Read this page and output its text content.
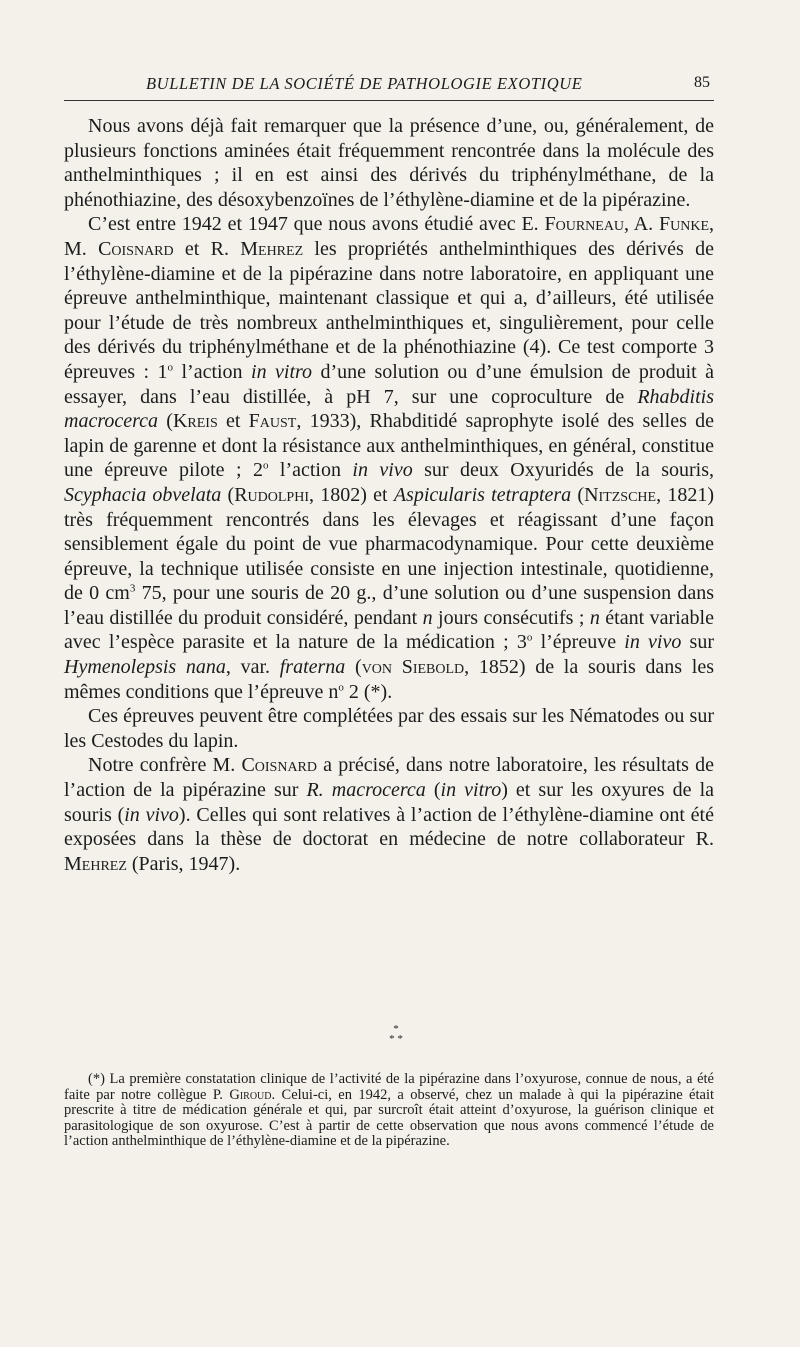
BULLETIN DE LA SOCIÉTÉ DE PATHOLOGIE EXOTIQUE	85

Nous avons déjà fait remarquer que la présence d’une, ou, généralement, de plusieurs fonctions aminées était fréquemment rencontrée dans la molécule des anthelminthiques ; il en est ainsi des dérivés du triphénylméthane, de la phénothiazine, des désoxybenzoïnes de l’éthylène-diamine et de la pipérazine.

C’est entre 1942 et 1947 que nous avons étudié avec E. Fourneau, A. Funke, M. Coisnard et R. Mehrez les propriétés anthelminthiques des dérivés de l’éthylène-diamine et de la pipérazine dans notre laboratoire, en appliquant une épreuve anthelminthique, maintenant classique et qui a, d’ailleurs, été utilisée pour l’étude de très nombreux anthelminthiques et, singulièrement, pour celle des dérivés du triphénylméthane et de la phénothiazine (4). Ce test comporte 3 épreuves : 1$^o$ l’action in vitro d’une solution ou d’une émulsion de produit à essayer, dans l’eau distillée, à pH 7, sur une coproculture de Rhabditis macrocerca (Kreis et Faust, 1933), Rhabditidé saprophyte isolé des selles de lapin de garenne et dont la résistance aux anthelminthiques, en général, constitue une épreuve pilote ; 2$^o$ l’action in vivo sur deux Oxyuridés de la souris, Scyphacia obvelata (Rudolphi, 1802) et Aspicularis tetraptera (Nitzsche, 1821) très fréquemment rencontrés dans les élevages et réagissant d’une façon sensiblement égale du point de vue pharmacodynamique. Pour cette deuxième épreuve, la technique utilisée consiste en une injection intestinale, quotidienne, de 0 $cm^3$ 75, pour une souris de 20 g., d’une solution ou d’une suspension dans l’eau distillée du produit considéré, pendant n jours consécutifs ; n étant variable avec l’espèce parasite et la nature de la médication ; 3$^o$ l’épreuve in vivo sur Hymenolepsis nana, var. fraterna (von Siebold, 1852) de la souris dans les mêmes conditions que l’épreuve $n^o$ 2 (*).

Ces épreuves peuvent être complétées par des essais sur les Nématodes ou sur les Cestodes du lapin.

Notre confrère M. Coisnard a précisé, dans notre laboratoire, les résultats de l’action de la pipérazine sur R. macrocerca (in vitro) et sur les oxyures de la souris (in vivo). Celles qui sont relatives à l’action de l’éthylène-diamine ont été exposées dans la thèse de doctorat en médecine de notre collaborateur R. Mehrez (Paris, 1947).

*
* *

(*) La première constatation clinique de l’activité de la pipérazine dans l’oxyurose, connue de nous, a été faite par notre collègue P. Giroud. Celui-ci, en 1942, a observé, chez un malade à qui la pipérazine était prescrite à titre de médication générale et qui, par surcroît était atteint d’oxyurose, la guérison clinique et parasitologique de son oxyurose. C’est à partir de cette observation que nous avons commencé l’étude de l’action anthelminthique de l’éthylène-diamine et de la pipérazine.
